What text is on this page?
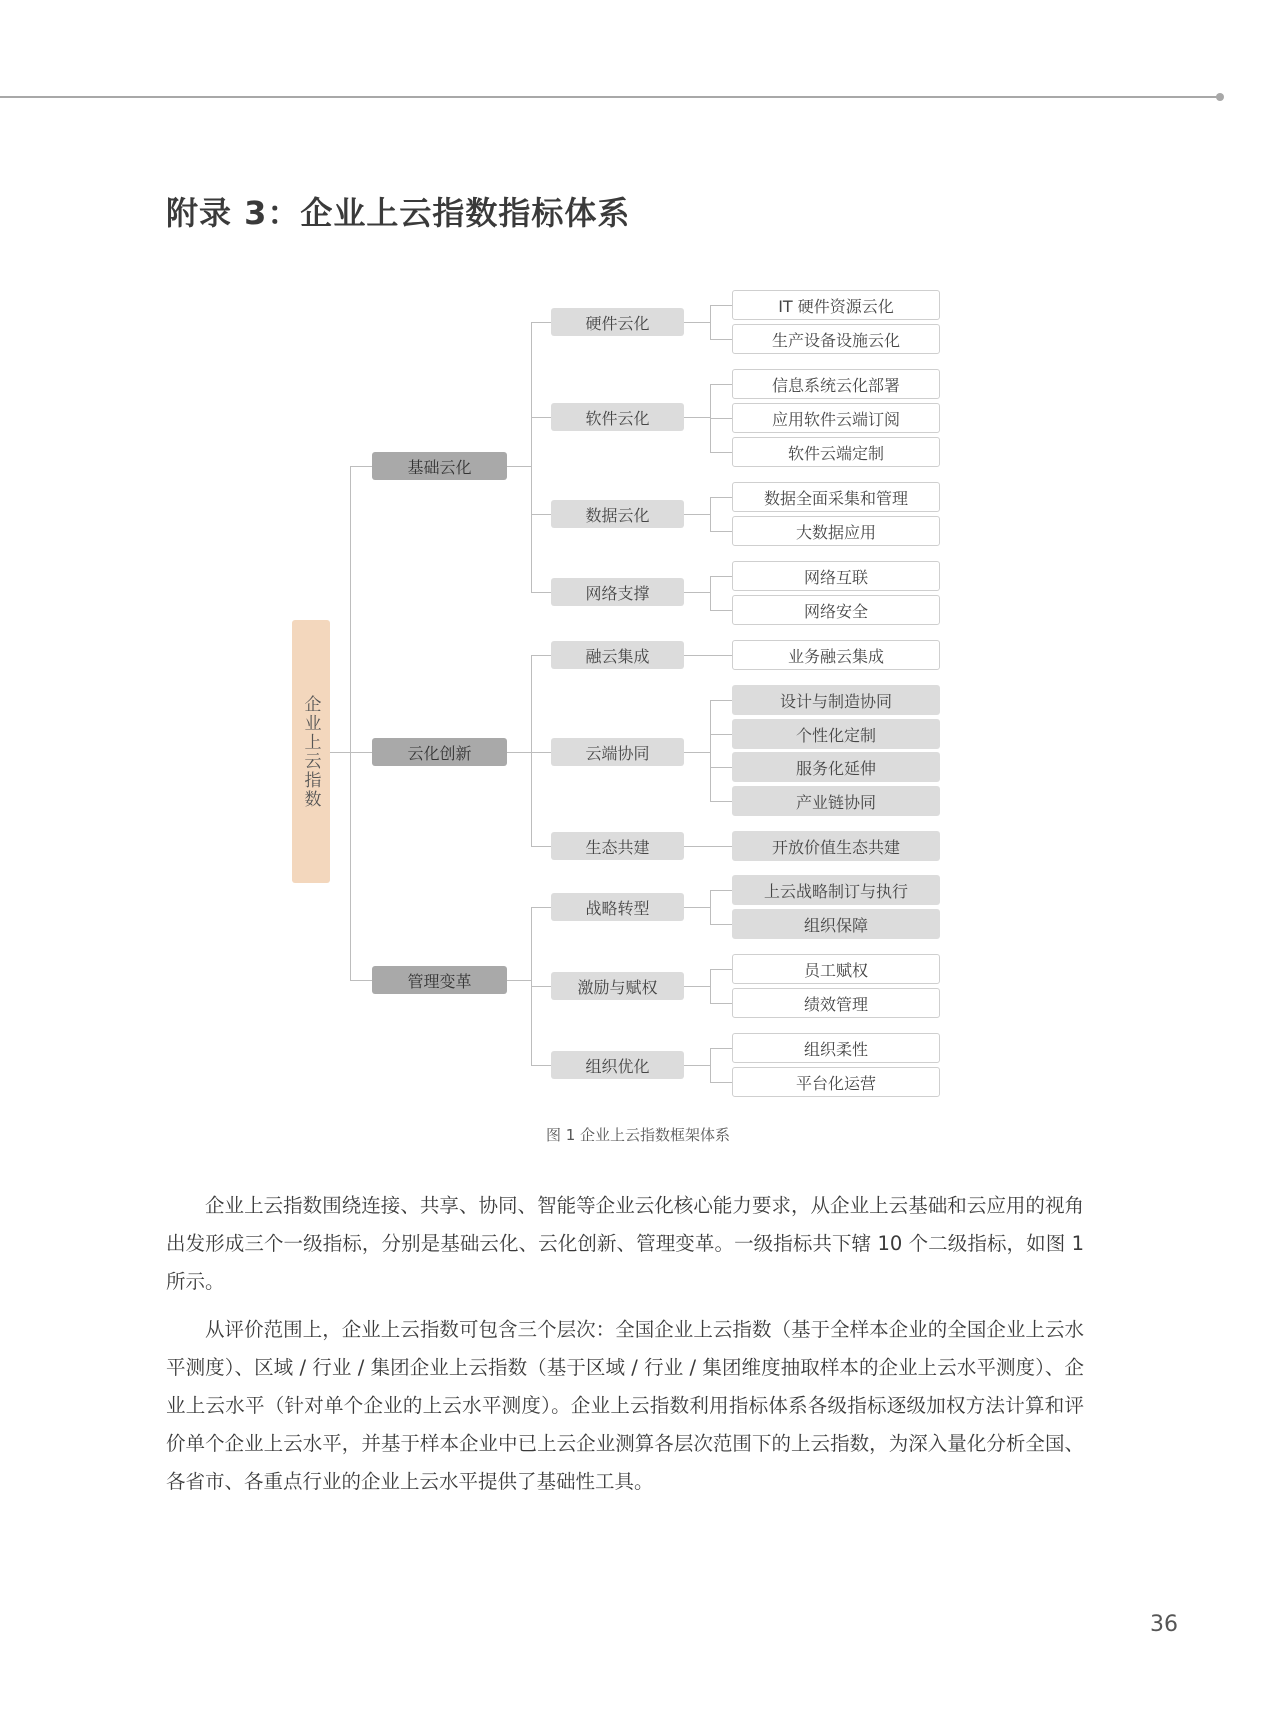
附录 3：企业上云指数指标体系
企业上云指数
基础云化
云化创新
管理变革
硬件云化
软件云化
数据云化
网络支撑
融云集成
云端协同
生态共建
战略转型
激励与赋权
组织优化
IT 硬件资源云化
生产设备设施云化
信息系统云化部署
应用软件云端订阅
软件云端定制
数据全面采集和管理
大数据应用
网络互联
网络安全
业务融云集成
设计与制造协同
个性化定制
服务化延伸
产业链协同
开放价值生态共建
上云战略制订与执行
组织保障
员工赋权
绩效管理
组织柔性
平台化运营

图 1 企业上云指数框架体系

企业上云指数围绕连接、共享、协同、智能等企业云化核心能力要求，从企业上云基础和云应用的视角出发形成三个一级指标，分别是基础云化、云化创新、管理变革。一级指标共下辖 10 个二级指标，如图 1 所示。

从评价范围上，企业上云指数可包含三个层次：全国企业上云指数（基于全样本企业的全国企业上云水平测度）、区域 / 行业 / 集团企业上云指数（基于区域 / 行业 / 集团维度抽取样本的企业上云水平测度）、企业上云水平（针对单个企业的上云水平测度）。企业上云指数利用指标体系各级指标逐级加权方法计算和评价单个企业上云水平，并基于样本企业中已上云企业测算各层次范围下的上云指数，为深入量化分析全国、各省市、各重点行业的企业上云水平提供了基础性工具。

36
